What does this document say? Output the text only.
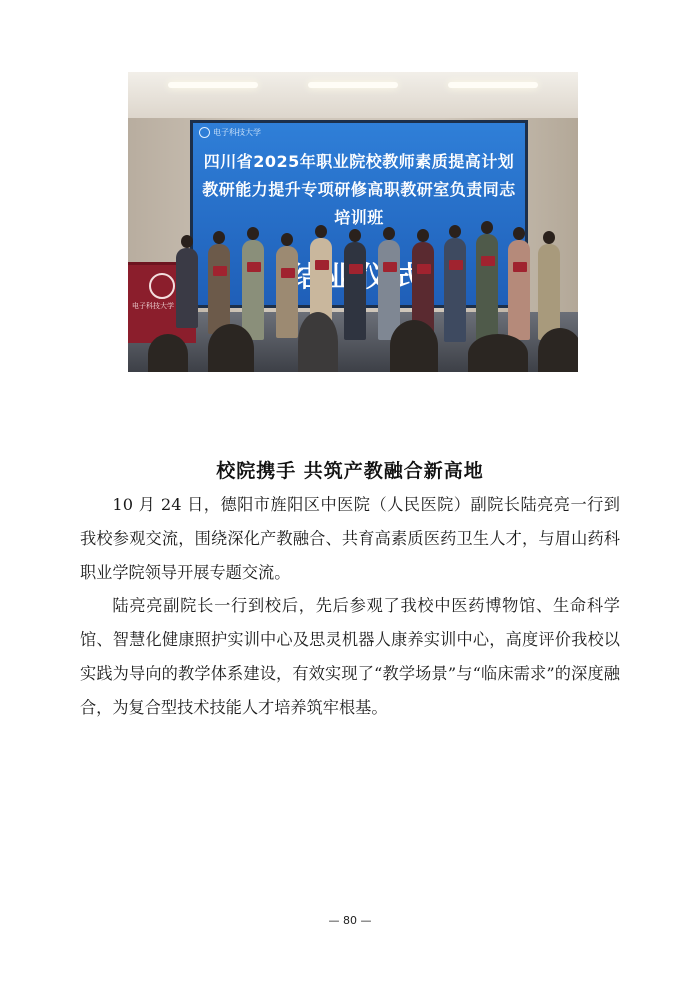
电子科技大学
四川省2025年职业院校教师素质提高计划
教研能力提升专项研修高职教研室负责同志
培训班
电子科技大学
校院携手 共筑产教融合新高地

10 月 24 日，德阳市旌阳区中医院（人民医院）副院长陆亮亮一行到我校参观交流，围绕深化产教融合、共育高素质医药卫生人才，与眉山药科职业学院领导开展专题交流。

陆亮亮副院长一行到校后，先后参观了我校中医药博物馆、生命科学馆、智慧化健康照护实训中心及思灵机器人康养实训中心，高度评价我校以实践为导向的教学体系建设，有效实现了“教学场景”与“临床需求”的深度融合，为复合型技术技能人才培养筑牢根基。

— 80 —
